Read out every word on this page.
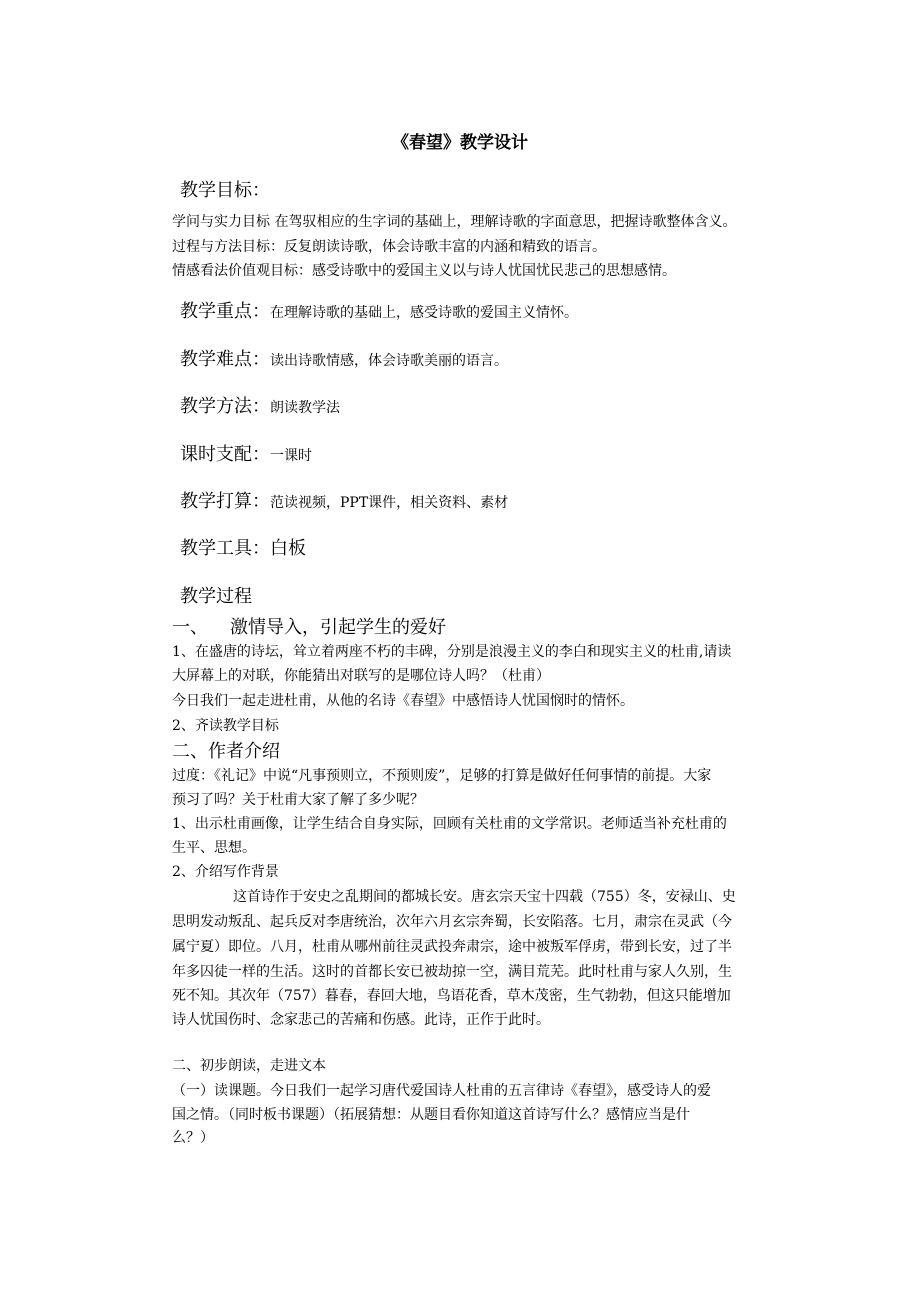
《春望》教学设计
教学目标：
学问与实力目标 在驾驭相应的生字词的基础上，理解诗歌的字面意思，把握诗歌整体含义。
过程与方法目标：反复朗读诗歌，体会诗歌丰富的内涵和精致的语言。
情感看法价值观目标：感受诗歌中的爱国主义以与诗人忧国忧民悲己的思想感情。
教学重点：在理解诗歌的基础上，感受诗歌的爱国主义情怀。
教学难点：读出诗歌情感，体会诗歌美丽的语言。
教学方法：朗读教学法
课时支配：一课时
教学打算：范读视频，PPT课件，相关资料、素材
教学工具：白板
教学过程
一、 激情导入，引起学生的爱好
1、在盛唐的诗坛，耸立着两座不朽的丰碑，分别是浪漫主义的李白和现实主义的杜甫,请读
大屏幕上的对联，你能猜出对联写的是哪位诗人吗？（杜甫）
今日我们一起走进杜甫，从他的名诗《春望》中感悟诗人忧国悯时的情怀。
2、齐读教学目标
二、作者介绍
过度：《礼记》中说“凡事预则立，不预则废”，足够的打算是做好任何事情的前提。大家
预习了吗？关于杜甫大家了解了多少呢？
1、出示杜甫画像，让学生结合自身实际，回顾有关杜甫的文学常识。老师适当补充杜甫的
生平、思想。
2、介绍写作背景
这首诗作于安史之乱期间的都城长安。唐玄宗天宝十四载（755）冬，安禄山、史
思明发动叛乱、起兵反对李唐统治，次年六月玄宗奔蜀，长安陷落。七月，肃宗在灵武（今
属宁夏）即位。八月，杜甫从哪州前往灵武投奔肃宗，途中被叛军俘虏，带到长安，过了半
年多囚徒一样的生活。这时的首都长安已被劫掠一空，满目荒芜。此时杜甫与家人久别，生
死不知。其次年（757）暮春，春回大地，鸟语花香，草木茂密，生气勃勃，但这只能增加
诗人忧国伤时、念家悲己的苦痛和伤感。此诗，正作于此时。
二、初步朗读，走进文本
（一）读课题。今日我们一起学习唐代爱国诗人杜甫的五言律诗《春望》，感受诗人的爱
国之情。（同时板书课题）（拓展猜想：从题目看你知道这首诗写什么？感情应当是什
么？）
